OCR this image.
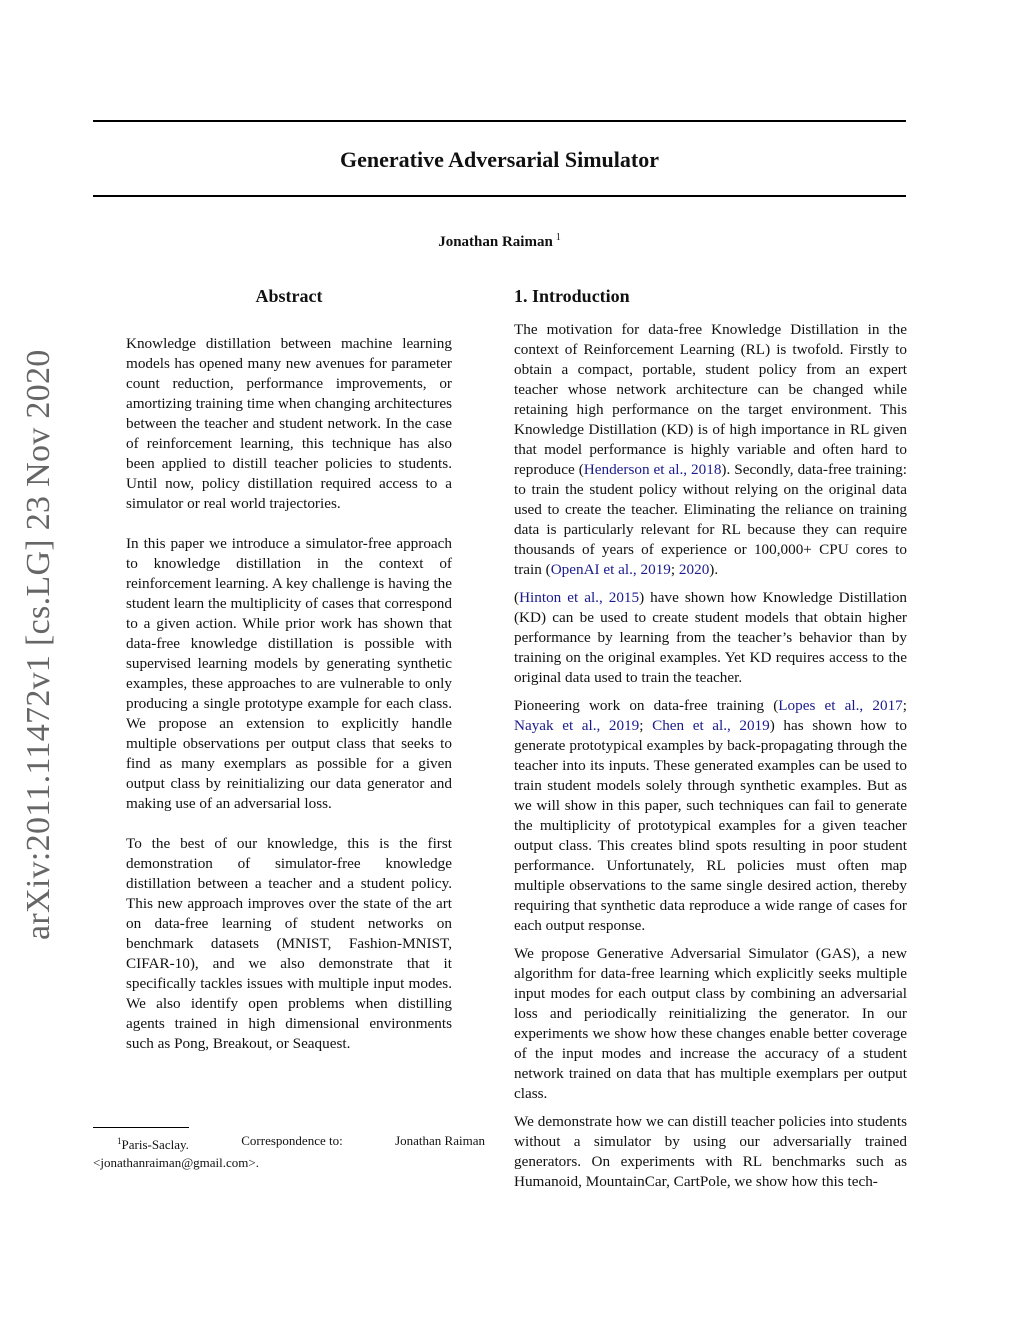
Generative Adversarial Simulator
Jonathan Raiman $^1$
arXiv:2011.11472v1 [cs.LG] 23 Nov 2020
Abstract

Knowledge distillation between machine learning models has opened many new avenues for parameter count reduction, performance improvements, or amortizing training time when changing architectures between the teacher and student network. In the case of reinforcement learning, this technique has also been applied to distill teacher policies to students. Until now, policy distillation required access to a simulator or real world trajectories.

In this paper we introduce a simulator-free approach to knowledge distillation in the context of reinforcement learning. A key challenge is having the student learn the multiplicity of cases that correspond to a given action. While prior work has shown that data-free knowledge distillation is possible with supervised learning models by generating synthetic examples, these approaches to are vulnerable to only producing a single prototype example for each class. We propose an extension to explicitly handle multiple observations per output class that seeks to find as many exemplars as possible for a given output class by reinitializing our data generator and making use of an adversarial loss.

To the best of our knowledge, this is the first demonstration of simulator-free knowledge distillation between a teacher and a student policy. This new approach improves over the state of the art on data-free learning of student networks on benchmark datasets (MNIST, Fashion-MNIST, CIFAR-10), and we also demonstrate that it specifically tackles issues with multiple input modes. We also identify open problems when distilling agents trained in high dimensional environments such as Pong, Breakout, or Seaquest.

$^1$Paris-Saclay.	Correspondence to:	Jonathan Raiman
<jonathanraiman@gmail.com>.
1. Introduction

The motivation for data-free Knowledge Distillation in the context of Reinforcement Learning (RL) is twofold. Firstly to obtain a compact, portable, student policy from an expert teacher whose network architecture can be changed while retaining high performance on the target environment. This Knowledge Distillation (KD) is of high importance in RL given that model performance is highly variable and often hard to reproduce (Henderson et al., 2018). Secondly, data-free training: to train the student policy without relying on the original data used to create the teacher. Eliminating the reliance on training data is particularly relevant for RL because they can require thousands of years of experience or 100,000+ CPU cores to train (OpenAI et al., 2019; 2020).

(Hinton et al., 2015) have shown how Knowledge Distillation (KD) can be used to create student models that obtain higher performance by learning from the teacher’s behavior than by training on the original examples. Yet KD requires access to the original data used to train the teacher.

Pioneering work on data-free training (Lopes et al., 2017; Nayak et al., 2019; Chen et al., 2019) has shown how to generate prototypical examples by back-propagating through the teacher into its inputs. These generated examples can be used to train student models solely through synthetic examples. But as we will show in this paper, such techniques can fail to generate the multiplicity of prototypical examples for a given teacher output class. This creates blind spots resulting in poor student performance. Unfortunately, RL policies must often map multiple observations to the same single desired action, thereby requiring that synthetic data reproduce a wide range of cases for each output response.

We propose Generative Adversarial Simulator (GAS), a new algorithm for data-free learning which explicitly seeks multiple input modes for each output class by combining an adversarial loss and periodically reinitializing the generator. In our experiments we show how these changes enable better coverage of the input modes and increase the accuracy of a student network trained on data that has multiple exemplars per output class.

We demonstrate how we can distill teacher policies into students without a simulator by using our adversarially trained generators. On experiments with RL benchmarks such as Humanoid, MountainCar, CartPole, we show how this tech-
